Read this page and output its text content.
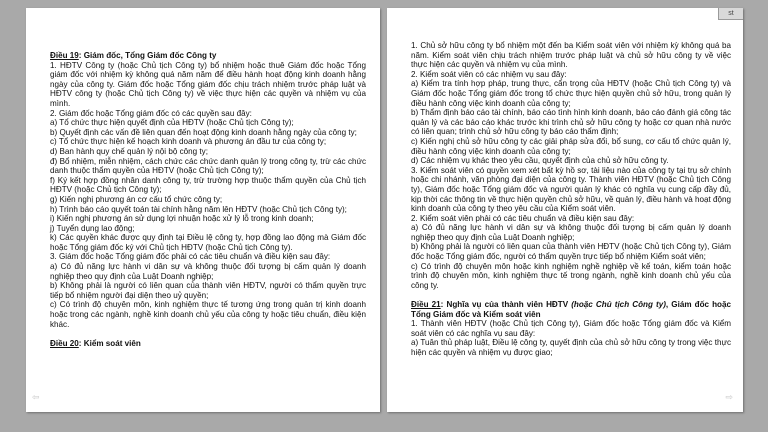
Điều 19: Giám đốc, Tổng Giám đốc Công ty
1. HĐTV Công ty (hoặc Chủ tịch Công ty) bổ nhiệm hoặc thuê Giám đốc hoặc Tổng giám đốc với nhiệm kỳ không quá năm năm để điều hành hoạt động kinh doanh hằng ngày của công ty. Giám đốc hoặc Tổng giám đốc chịu trách nhiệm trước pháp luật và HĐTV công ty (hoặc Chủ tịch Công ty) về việc thực hiện các quyền và nhiệm vụ của mình.
2. Giám đốc hoặc Tổng giám đốc có các quyền sau đây:
a) Tổ chức thực hiện quyết định của HĐTV (hoặc Chủ tịch Công ty);
b) Quyết định các vấn đề liên quan đến hoạt động kinh doanh hằng ngày của công ty;
c) Tổ chức thực hiện kế hoạch kinh doanh và phương án đầu tư của công ty;
d) Ban hành quy chế quản lý nội bộ công ty;
đ) Bổ nhiệm, miễn nhiệm, cách chức các chức danh quản lý trong công ty, trừ các chức danh thuộc thẩm quyền của HĐTV (hoặc Chủ tịch Công ty);
f) Ký kết hợp đồng nhân danh công ty, trừ trường hợp thuộc thẩm quyền của Chủ tịch HĐTV (hoặc Chủ tịch Công ty);
g) Kiến nghị phương án cơ cấu tổ chức công ty;
h) Trình báo cáo quyết toán tài chính hằng năm lên HĐTV (hoặc Chủ tịch Công ty);
i) Kiến nghị phương án sử dụng lợi nhuận hoặc xử lý lỗ trong kinh doanh;
j) Tuyển dụng lao động;
k) Các quyền khác được quy định tại Điều lệ công ty, hợp đồng lao động mà Giám đốc hoặc Tổng giám đốc ký với Chủ tịch HĐTV (hoặc Chủ tịch Công ty).
3. Giám đốc hoặc Tổng giám đốc phải có các tiêu chuẩn và điều kiện sau đây:
a) Có đủ năng lực hành vi dân sự và không thuộc đối tượng bị cấm quản lý doanh nghiệp theo quy định của Luật Doanh nghiệp;
b) Không phải là người có liên quan của thành viên HĐTV, người có thẩm quyền trực tiếp bổ nhiệm người đại diện theo uỷ quyền;
c) Có trình độ chuyên môn, kinh nghiệm thực tế tương ứng trong quản trị kinh doanh hoặc trong các ngành, nghề kinh doanh chủ yếu của công ty hoặc tiêu chuẩn, điều kiện khác.
Điều 20: Kiểm soát viên
⇦
st
1. Chủ sở hữu công ty bổ nhiệm một đến ba Kiểm soát viên với nhiệm kỳ không quá ba năm. Kiểm soát viên chịu trách nhiệm trước pháp luật và chủ sở hữu công ty về việc thực hiện các quyền và nhiệm vụ của mình.
2. Kiểm soát viên có các nhiệm vụ sau đây:
a) Kiểm tra tính hợp pháp, trung thực, cẩn trọng của HĐTV (hoặc Chủ tịch Công ty) và Giám đốc hoặc Tổng giám đốc trong tổ chức thực hiện quyền chủ sở hữu, trong quản lý điều hành công việc kinh doanh của công ty;
b) Thẩm định báo cáo tài chính, báo cáo tình hình kinh doanh, báo cáo đánh giá công tác quản lý và các báo cáo khác trước khi trình chủ sở hữu công ty hoặc cơ quan nhà nước có liên quan; trình chủ sở hữu công ty báo cáo thẩm định;
c) Kiến nghị chủ sở hữu công ty các giải pháp sửa đổi, bổ sung, cơ cấu tổ chức quản lý, điều hành công việc kinh doanh của công ty;
d) Các nhiệm vụ khác theo yêu cầu, quyết định của chủ sở hữu công ty.
3. Kiểm soát viên có quyền xem xét bất kỳ hồ sơ, tài liệu nào của công ty tại trụ sở chính hoặc chi nhánh, văn phòng đại diện của công ty. Thành viên HĐTV (hoặc Chủ tịch Công ty), Giám đốc hoặc Tổng giám đốc và người quản lý khác có nghĩa vụ cung cấp đầy đủ, kịp thời các thông tin về thực hiện quyền chủ sở hữu, về quản lý, điều hành và hoạt động kinh doanh của công ty theo yêu cầu của Kiểm soát viên.
2. Kiểm soát viên phải có các tiêu chuẩn và điều kiện sau đây:
a) Có đủ năng lực hành vi dân sự và không thuộc đối tượng bị cấm quản lý doanh nghiệp theo quy định của Luật Doanh nghiệp;
b) Không phải là người có liên quan của thành viên HĐTV (hoặc Chủ tịch Công ty), Giám đốc hoặc Tổng giám đốc, người có thẩm quyền trực tiếp bổ nhiệm Kiểm soát viên;
c) Có trình độ chuyên môn hoặc kinh nghiệm nghề nghiệp về kế toán, kiểm toán hoặc trình độ chuyên môn, kinh nghiệm thực tế trong ngành, nghề kinh doanh chủ yếu của công ty.
Điều 21: Nghĩa vụ của thành viên HĐTV (hoặc Chủ tịch Công ty), Giám đốc hoặc Tổng Giám đốc và Kiểm soát viên
1. Thành viên HĐTV (hoặc Chủ tịch Công ty), Giám đốc hoặc Tổng giám đốc và Kiểm soát viên có các nghĩa vụ sau đây:
a) Tuân thủ pháp luật, Điều lệ công ty, quyết định của chủ sở hữu công ty trong việc thực hiện các quyền và nhiệm vụ được giao;
⇨
